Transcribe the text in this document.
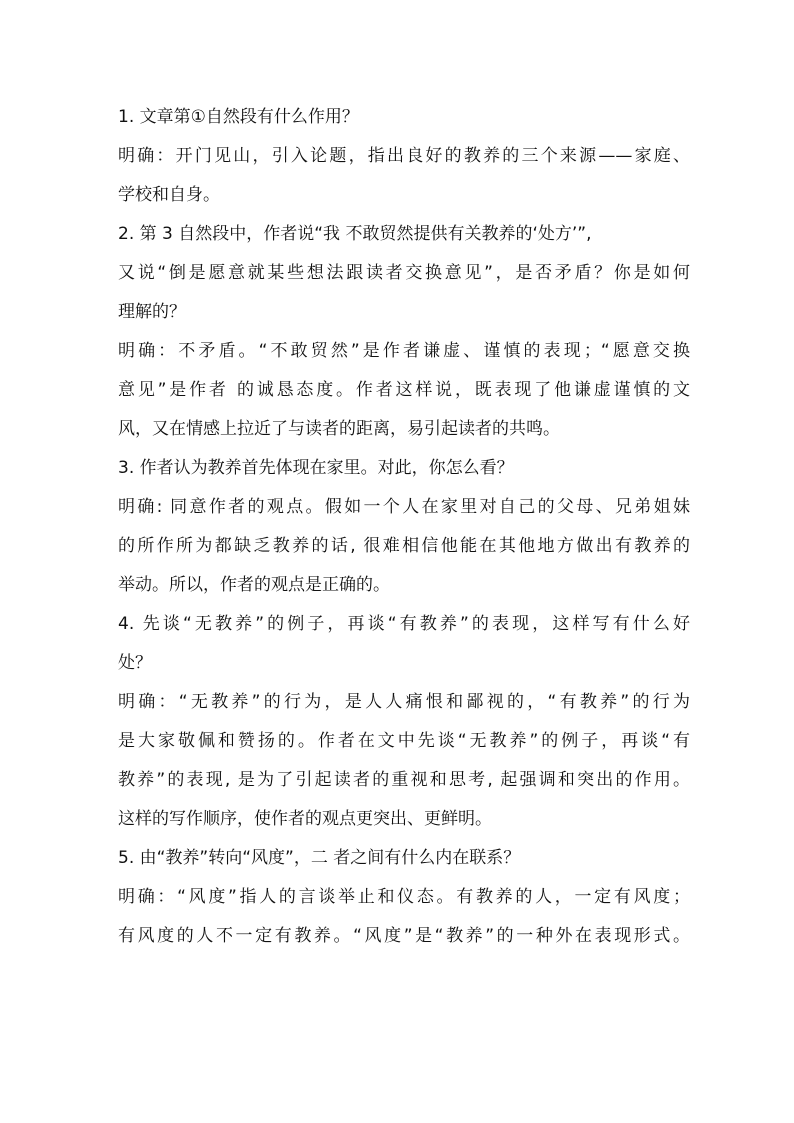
1. 文章第①自然段有什么作用？
明确：开门见山，引入论题，指出良好的教养的三个来源——家庭、
学校和自身。
2. 第 3 自然段中，作者说“我 不敢贸然提供有关教养的‘处方’”,
又说“倒是愿意就某些想法跟读者交换意见”，是否矛盾？你是如何
理解的？
明确：不矛盾。“不敢贸然”是作者谦虚、谨慎的表现；“愿意交换
意见”是作者 的诚恳态度。作者这样说，既表现了他谦虚谨慎的文
风，又在情感上拉近了与读者的距离，易引起读者的共鸣。
3. 作者认为教养首先体现在家里。对此，你怎么看？
明确: 同意作者的观点。假如一个人在家里对自己的父母、兄弟姐妹
的所作所为都缺乏教养的话, 很难相信他能在其他地方做出有教养的
举动。所以，作者的观点是正确的。
4. 先谈“无教养”的例子，再谈“有教养”的表现，这样写有什么好
处？
明确：“无教养”的行为，是人人痛恨和鄙视的，“有教养”的行为
是大家敬佩和赞扬的。作者在文中先谈“无教养”的例子，再谈“有
教养”的表现, 是为了引起读者的重视和思考, 起强调和突出的作用。
这样的写作顺序，使作者的观点更突出、更鲜明。
5. 由“教养”转向“风度”，二 者之间有什么内在联系？
明确：“风度”指人的言谈举止和仪态。有教养的人，一定有风度；
有风度的人不一定有教养。“风度”是“教养”的一种外在表现形式。
